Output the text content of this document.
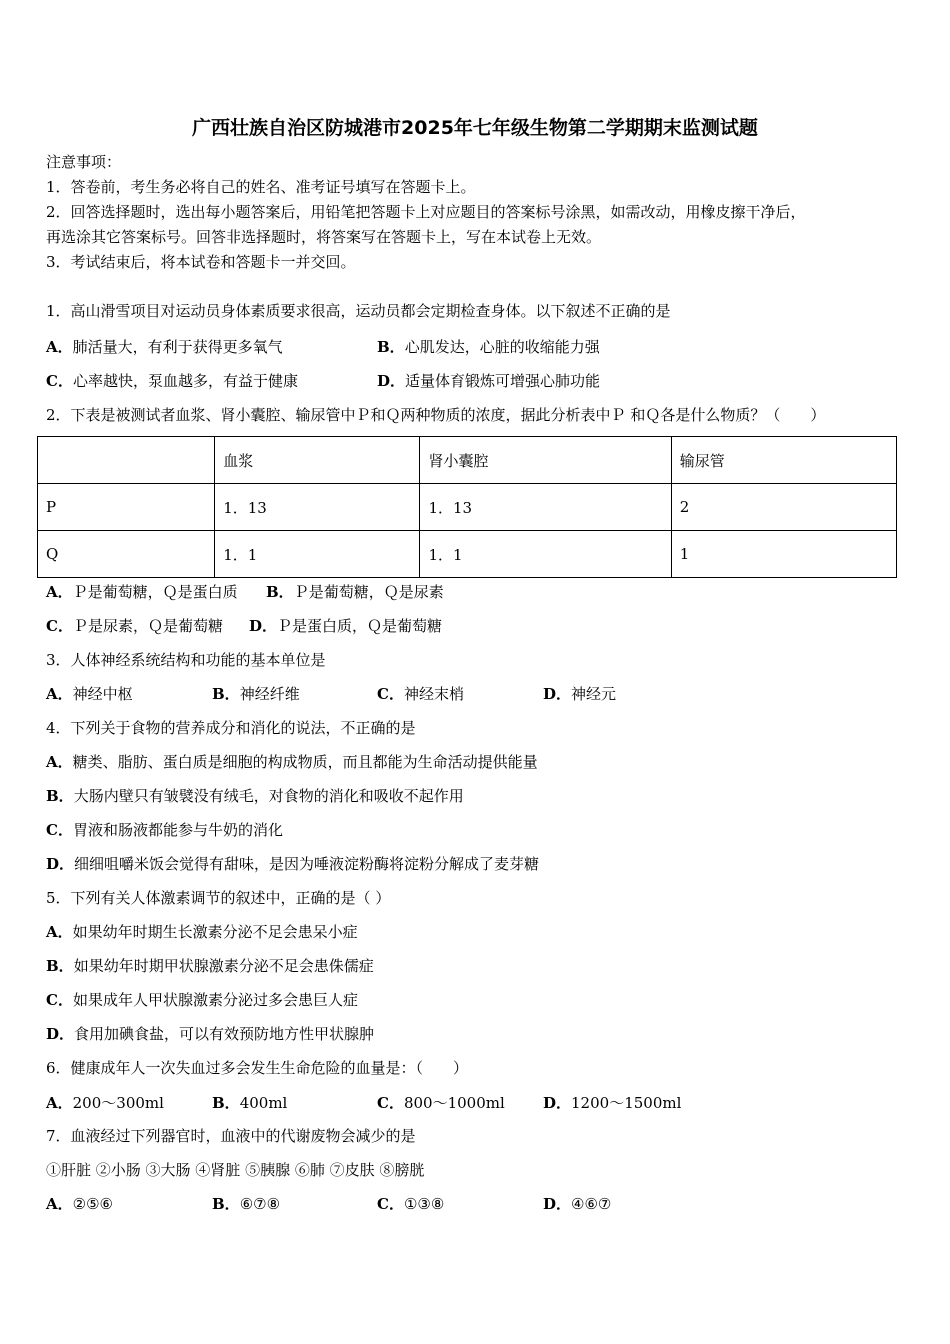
广西壮族自治区防城港市2025年七年级生物第二学期期末监测试题
注意事项：
1．答卷前，考生务必将自己的姓名、准考证号填写在答题卡上。
2．回答选择题时，选出每小题答案后，用铅笔把答题卡上对应题目的答案标号涂黑，如需改动，用橡皮擦干净后，
再选涂其它答案标号。回答非选择题时，将答案写在答题卡上，写在本试卷上无效。
3．考试结束后，将本试卷和答题卡一并交回。
1．高山滑雪项目对运动员身体素质要求很高，运动员都会定期检查身体。以下叙述不正确的是
A．肺活量大，有利于获得更多氧气	B．心肌发达，心脏的收缩能力强
C．心率越快，泵血越多，有益于健康	D．适量体育锻炼可增强心肺功能
2．下表是被测试者血浆、肾小囊腔、输尿管中Ｐ和Ｑ两种物质的浓度，据此分析表中Ｐ 和Ｑ各是什么物质？（　　）
	血浆	肾小囊腔	输尿管
P	1．13	1．13	2
Q	1．1	1．1	1
A．Ｐ是葡萄糖，Ｑ是蛋白质 B．Ｐ是葡萄糖，Ｑ是尿素
C．Ｐ是尿素，Ｑ是葡萄糖 D．Ｐ是蛋白质，Ｑ是葡萄糖
3．人体神经系统结构和功能的基本单位是
A．神经中枢	B．神经纤维	C．神经末梢	D．神经元
4．下列关于食物的营养成分和消化的说法，不正确的是
A．糖类、脂肪、蛋白质是细胞的构成物质，而且都能为生命活动提供能量
B．大肠内壁只有皱襞没有绒毛，对食物的消化和吸收不起作用
C．胃液和肠液都能参与牛奶的消化
D．细细咀嚼米饭会觉得有甜味，是因为唾液淀粉酶将淀粉分解成了麦芽糖
5．下列有关人体激素调节的叙述中，正确的是（ ）
A．如果幼年时期生长激素分泌不足会患呆小症
B．如果幼年时期甲状腺激素分泌不足会患侏儒症
C．如果成年人甲状腺激素分泌过多会患巨人症
D．食用加碘食盐，可以有效预防地方性甲状腺肿
6．健康成年人一次失血过多会发生生命危险的血量是：（　　）
A．200～300ml	B．400ml	C．800～1000ml	D．1200～1500ml
7．血液经过下列器官时，血液中的代谢废物会减少的是
①肝脏 ②小肠 ③大肠 ④肾脏 ⑤胰腺 ⑥肺 ⑦皮肤 ⑧膀胱
A．②⑤⑥	B．⑥⑦⑧	C．①③⑧	D．④⑥⑦
